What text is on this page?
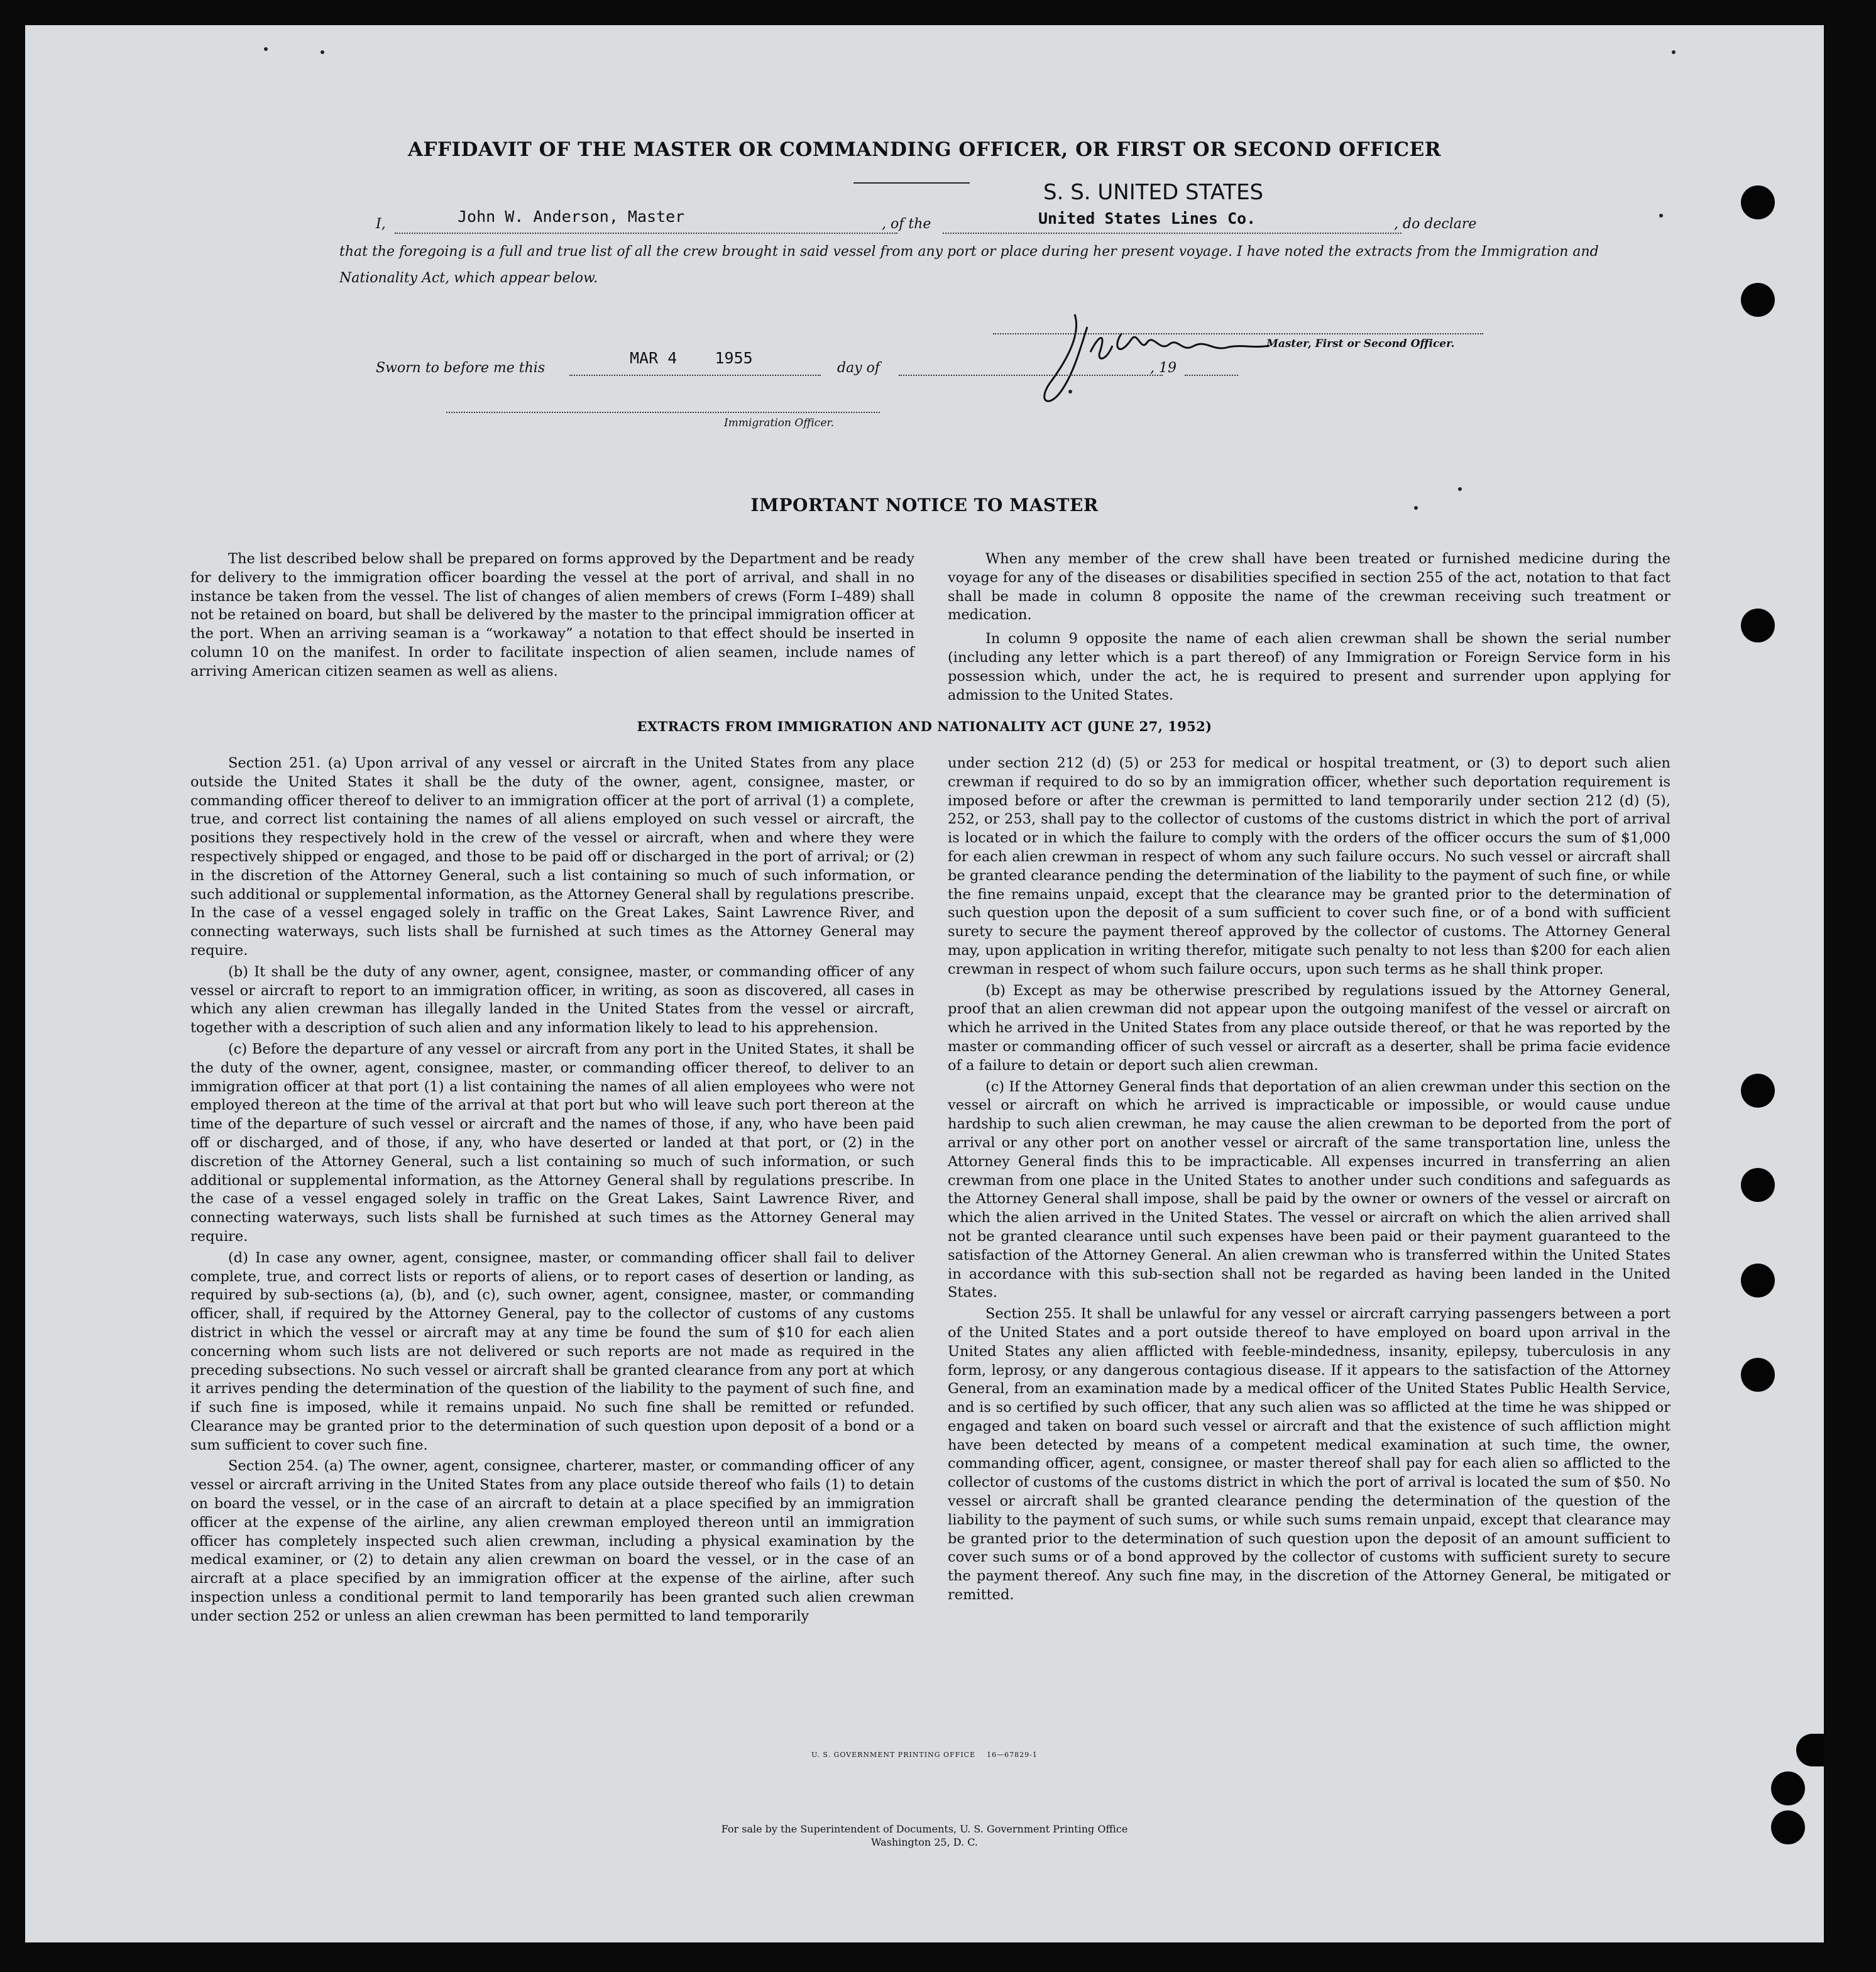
AFFIDAVIT OF THE MASTER OR COMMANDING OFFICER, OR FIRST OR SECOND OFFICER
I,	John W. Anderson, Master	, of the
S. S. UNITED STATES
United States Lines Co.	, do declare
that the foregoing is a full and true list of all the crew brought in said vessel from any port or place during her present voyage. I have noted the extracts from the Immigration and Nationality Act, which appear below.
Master, First or Second Officer.
Sworn to before me this
MAR 4    1955
day of	, 19
Immigration Officer.
IMPORTANT NOTICE TO MASTER

The list described below shall be prepared on forms approved by the Department and be ready for delivery to the immigration officer boarding the vessel at the port of arrival, and shall in no instance be taken from the vessel. The list of changes of alien members of crews (Form I–489) shall not be retained on board, but shall be delivered by the master to the principal immigration officer at the port. When an arriving seaman is a “workaway” a notation to that effect should be inserted in column 10 on the manifest. In order to facilitate inspection of alien seamen, include names of arriving American citizen seamen as well as aliens.

When any member of the crew shall have been treated or furnished medicine during the voyage for any of the diseases or disabilities specified in section 255 of the act, notation to that fact shall be made in column 8 opposite the name of the crewman receiving such treatment or medication.

In column 9 opposite the name of each alien crewman shall be shown the serial number (including any letter which is a part thereof) of any Immigration or Foreign Service form in his possession which, under the act, he is required to present and surrender upon applying for admission to the United States.

EXTRACTS FROM IMMIGRATION AND NATIONALITY ACT (JUNE 27, 1952)

Section 251. (a) Upon arrival of any vessel or aircraft in the United States from any place outside the United States it shall be the duty of the owner, agent, consignee, master, or commanding officer thereof to deliver to an immigration officer at the port of arrival (1) a complete, true, and correct list containing the names of all aliens employed on such vessel or aircraft, the positions they respectively hold in the crew of the vessel or aircraft, when and where they were respectively shipped or engaged, and those to be paid off or discharged in the port of arrival; or (2) in the discretion of the Attorney General, such a list containing so much of such information, or such additional or supplemental information, as the Attorney General shall by regulations prescribe. In the case of a vessel engaged solely in traffic on the Great Lakes, Saint Lawrence River, and connecting waterways, such lists shall be furnished at such times as the Attorney General may require.

(b) It shall be the duty of any owner, agent, consignee, master, or commanding officer of any vessel or aircraft to report to an immigration officer, in writing, as soon as discovered, all cases in which any alien crewman has illegally landed in the United States from the vessel or aircraft, together with a description of such alien and any information likely to lead to his apprehension.

(c) Before the departure of any vessel or aircraft from any port in the United States, it shall be the duty of the owner, agent, consignee, master, or commanding officer thereof, to deliver to an immigration officer at that port (1) a list containing the names of all alien employees who were not employed thereon at the time of the arrival at that port but who will leave such port thereon at the time of the departure of such vessel or aircraft and the names of those, if any, who have been paid off or discharged, and of those, if any, who have deserted or landed at that port, or (2) in the discretion of the Attorney General, such a list containing so much of such information, or such additional or supplemental information, as the Attorney General shall by regulations prescribe. In the case of a vessel engaged solely in traffic on the Great Lakes, Saint Lawrence River, and connecting waterways, such lists shall be furnished at such times as the Attorney General may require.

(d) In case any owner, agent, consignee, master, or commanding officer shall fail to deliver complete, true, and correct lists or reports of aliens, or to report cases of desertion or landing, as required by sub-sections (a), (b), and (c), such owner, agent, consignee, master, or commanding officer, shall, if required by the Attorney General, pay to the collector of customs of any customs district in which the vessel or aircraft may at any time be found the sum of $10 for each alien concerning whom such lists are not delivered or such reports are not made as required in the preceding subsections. No such vessel or aircraft shall be granted clearance from any port at which it arrives pending the determination of the question of the liability to the payment of such fine, and if such fine is imposed, while it remains unpaid. No such fine shall be remitted or refunded. Clearance may be granted prior to the determination of such question upon deposit of a bond or a sum sufficient to cover such fine.

Section 254. (a) The owner, agent, consignee, charterer, master, or commanding officer of any vessel or aircraft arriving in the United States from any place outside thereof who fails (1) to detain on board the vessel, or in the case of an aircraft to detain at a place specified by an immigration officer at the expense of the airline, any alien crewman employed thereon until an immigration officer has completely inspected such alien crewman, including a physical examination by the medical examiner, or (2) to detain any alien crewman on board the vessel, or in the case of an aircraft at a place specified by an immigration officer at the expense of the airline, after such inspection unless a conditional permit to land temporarily has been granted such alien crewman under section 252 or unless an alien crewman has been permitted to land temporarily

under section 212 (d) (5) or 253 for medical or hospital treatment, or (3) to deport such alien crewman if required to do so by an immigration officer, whether such deportation requirement is imposed before or after the crewman is permitted to land temporarily under section 212 (d) (5), 252, or 253, shall pay to the collector of customs of the customs district in which the port of arrival is located or in which the failure to comply with the orders of the officer occurs the sum of $1,000 for each alien crewman in respect of whom any such failure occurs. No such vessel or aircraft shall be granted clearance pending the determination of the liability to the payment of such fine, or while the fine remains unpaid, except that the clearance may be granted prior to the determination of such question upon the deposit of a sum sufficient to cover such fine, or of a bond with sufficient surety to secure the payment thereof approved by the collector of customs. The Attorney General may, upon application in writing therefor, mitigate such penalty to not less than $200 for each alien crewman in respect of whom such failure occurs, upon such terms as he shall think proper.

(b) Except as may be otherwise prescribed by regulations issued by the Attorney General, proof that an alien crewman did not appear upon the outgoing manifest of the vessel or aircraft on which he arrived in the United States from any place outside thereof, or that he was reported by the master or commanding officer of such vessel or aircraft as a deserter, shall be prima facie evidence of a failure to detain or deport such alien crewman.

(c) If the Attorney General finds that deportation of an alien crewman under this section on the vessel or aircraft on which he arrived is impracticable or impossible, or would cause undue hardship to such alien crewman, he may cause the alien crewman to be deported from the port of arrival or any other port on another vessel or aircraft of the same transportation line, unless the Attorney General finds this to be impracticable. All expenses incurred in transferring an alien crewman from one place in the United States to another under such conditions and safeguards as the Attorney General shall impose, shall be paid by the owner or owners of the vessel or aircraft on which the alien arrived in the United States. The vessel or aircraft on which the alien arrived shall not be granted clearance until such expenses have been paid or their payment guaranteed to the satisfaction of the Attorney General. An alien crewman who is transferred within the United States in accordance with this sub-section shall not be regarded as having been landed in the United States.

Section 255. It shall be unlawful for any vessel or aircraft carrying passengers between a port of the United States and a port outside thereof to have employed on board upon arrival in the United States any alien afflicted with feeble-mindedness, insanity, epilepsy, tuberculosis in any form, leprosy, or any dangerous contagious disease. If it appears to the satisfaction of the Attorney General, from an examination made by a medical officer of the United States Public Health Service, and is so certified by such officer, that any such alien was so afflicted at the time he was shipped or engaged and taken on board such vessel or aircraft and that the existence of such affliction might have been detected by means of a competent medical examination at such time, the owner, commanding officer, agent, consignee, or master thereof shall pay for each alien so afflicted to the collector of customs of the customs district in which the port of arrival is located the sum of $50. No vessel or aircraft shall be granted clearance pending the determination of the question of the liability to the payment of such sums, or while such sums remain unpaid, except that clearance may be granted prior to the determination of such question upon the deposit of an amount sufficient to cover such sums or of a bond approved by the collector of customs with sufficient surety to secure the payment thereof. Any such fine may, in the discretion of the Attorney General, be mitigated or remitted.

U. S. GOVERNMENT PRINTING OFFICE    16—67829-1
For sale by the Superintendent of Documents, U. S. Government Printing Office
Washington 25, D. C.
